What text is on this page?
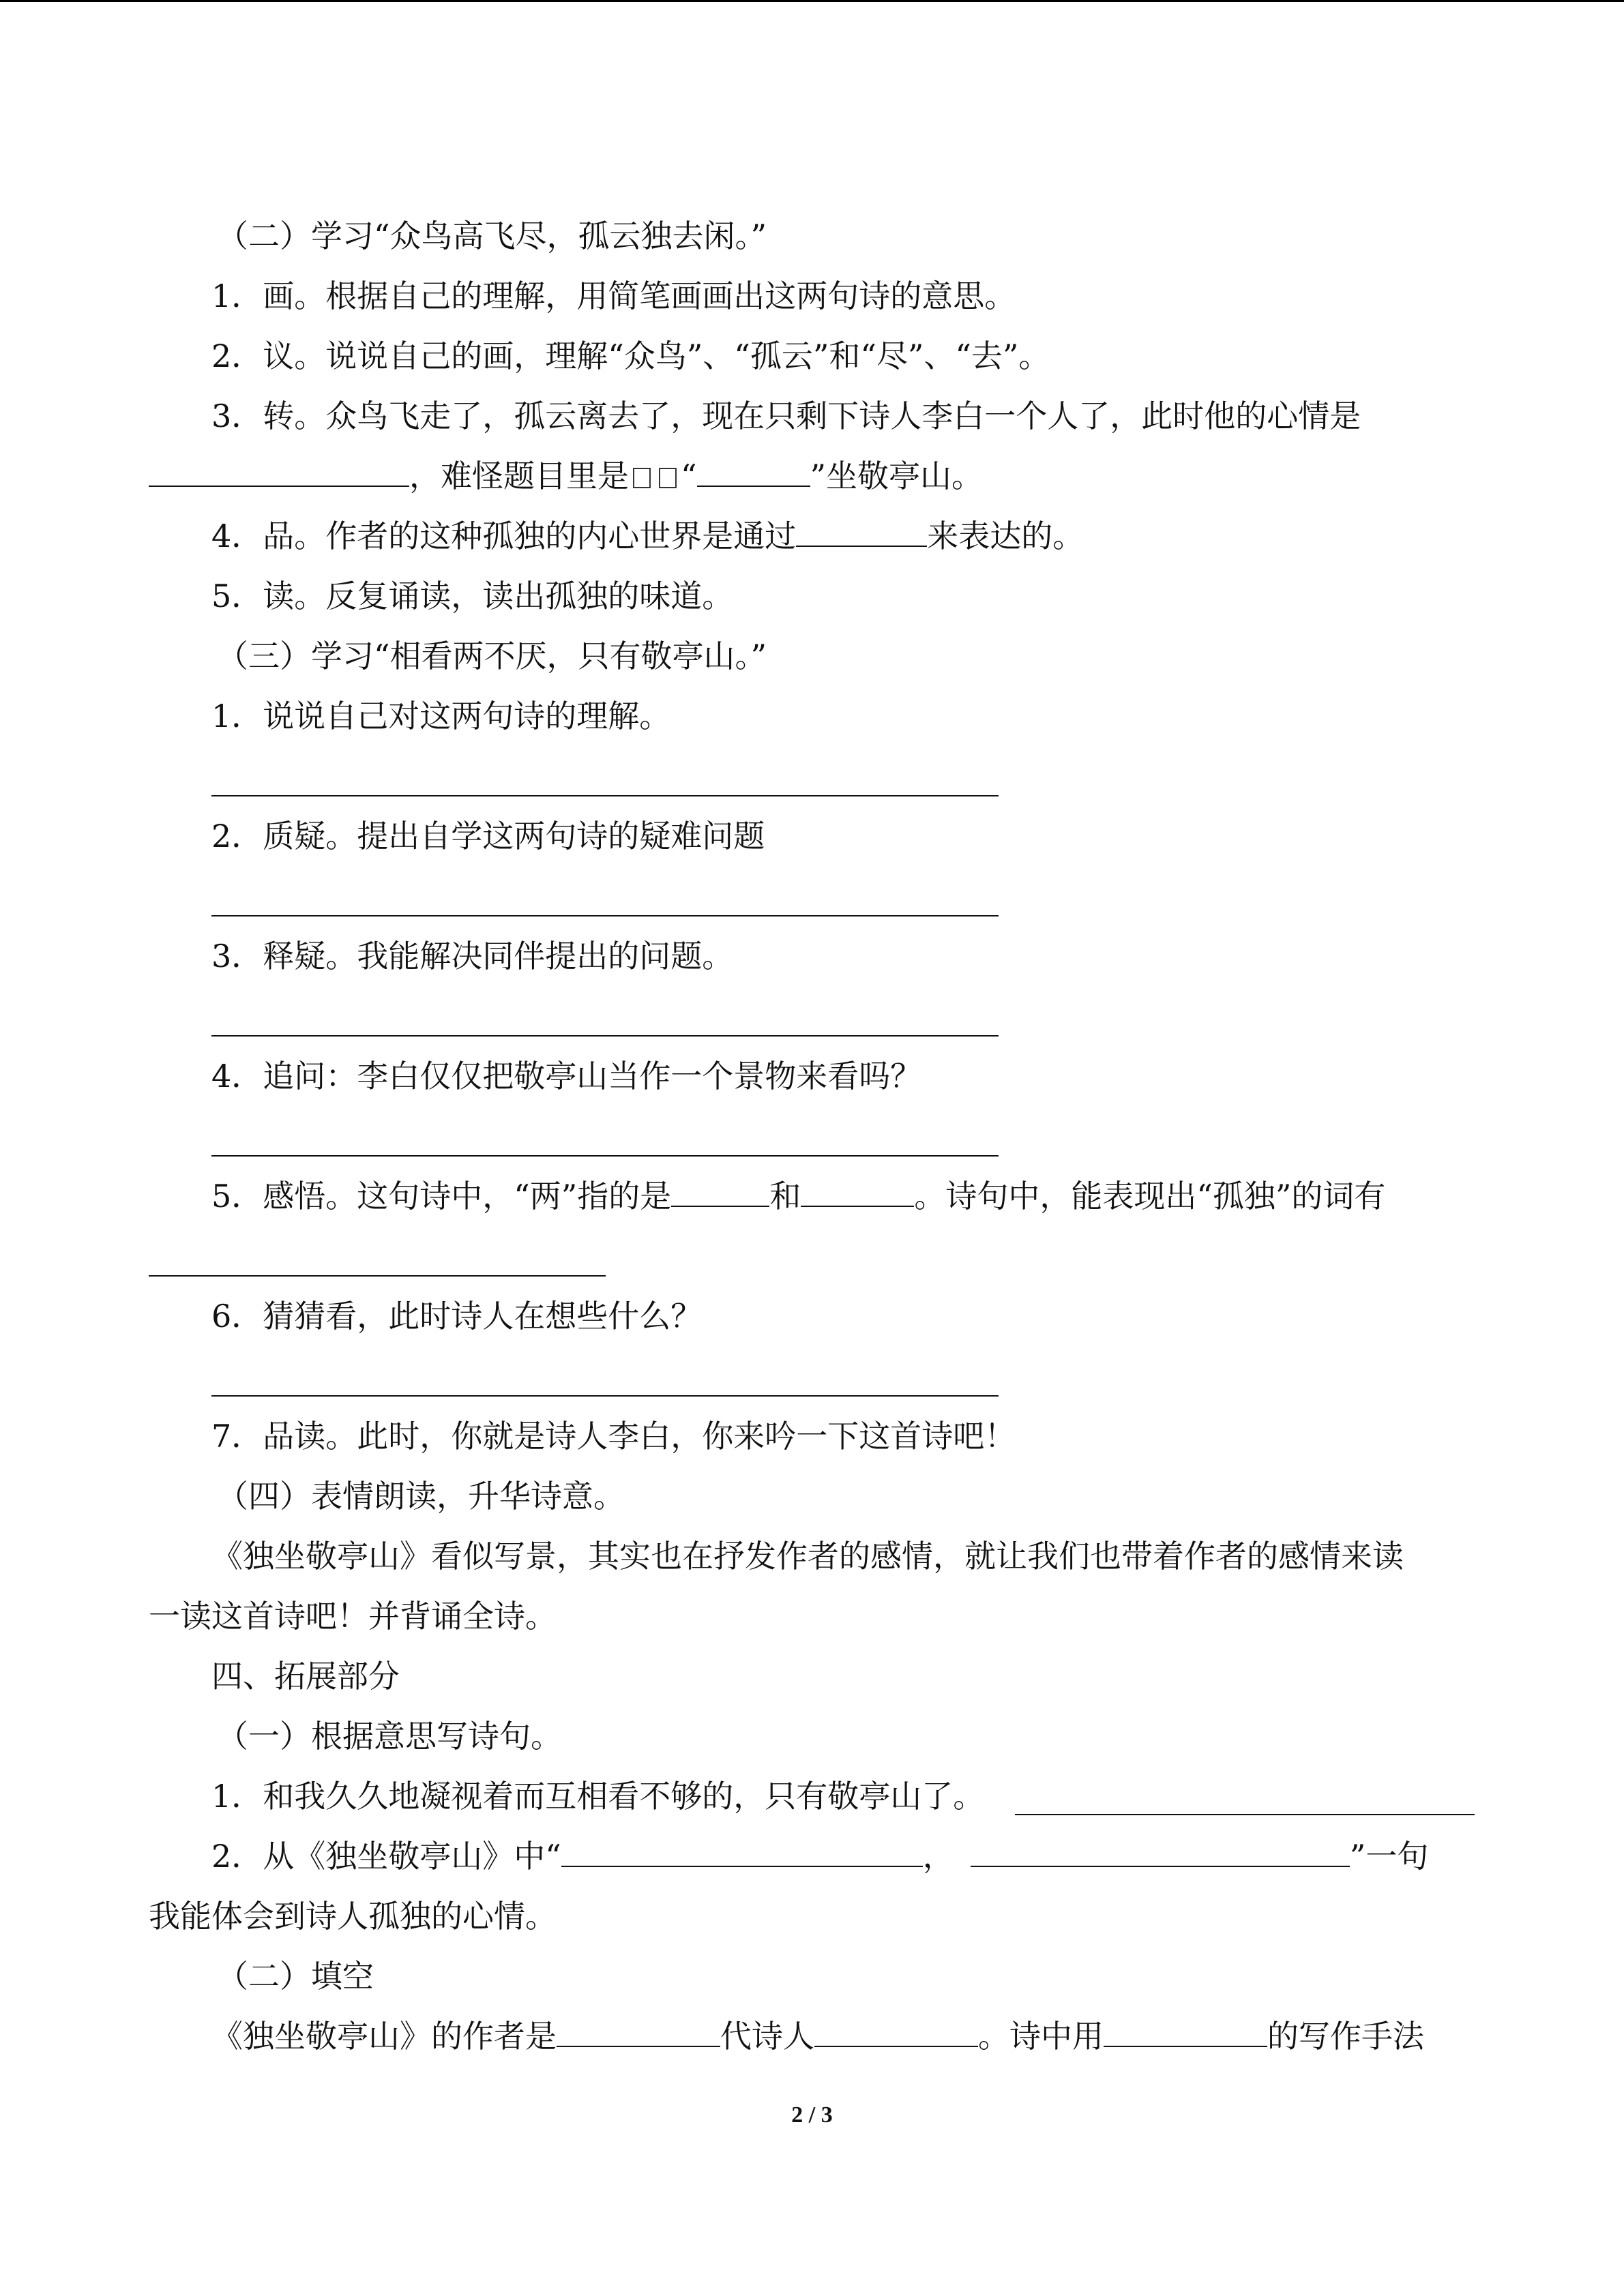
（二）学习“众鸟高飞尽，孤云独去闲。”
1．画。根据自己的理解，用简笔画画出这两句诗的意思。
2．议。说说自己的画，理解“众鸟”、“孤云”和“尽”、“去”。
3．转。众鸟飞走了，孤云离去了，现在只剩下诗人李白一个人了，此时他的心情是
，难怪题目里是 “	”坐敬亭山。
4．品。作者的这种孤独的内心世界是通过	来表达的。
5．读。反复诵读，读出孤独的味道。
（三）学习“相看两不厌，只有敬亭山。”
1．说说自己对这两句诗的理解。
2．质疑。提出自学这两句诗的疑难问题
3．释疑。我能解决同伴提出的问题。
4．追问：李白仅仅把敬亭山当作一个景物来看吗？
5．感悟。这句诗中，“两”指的是	和	。诗句中，能表现出“孤独”的词有
6．猜猜看，此时诗人在想些什么？
7．品读。此时，你就是诗人李白，你来吟一下这首诗吧！
（四）表情朗读，升华诗意。
《独坐敬亭山》看似写景，其实也在抒发作者的感情，就让我们也带着作者的感情来读
一读这首诗吧！并背诵全诗。
四、拓展部分
（一）根据意思写诗句。
1．和我久久地凝视着而互相看不够的，只有敬亭山了。
2．从《独坐敬亭山》中“	，	”一句
我能体会到诗人孤独的心情。
（二）填空
《独坐敬亭山》的作者是	代诗人	。诗中用	的写作手法
2 / 3
